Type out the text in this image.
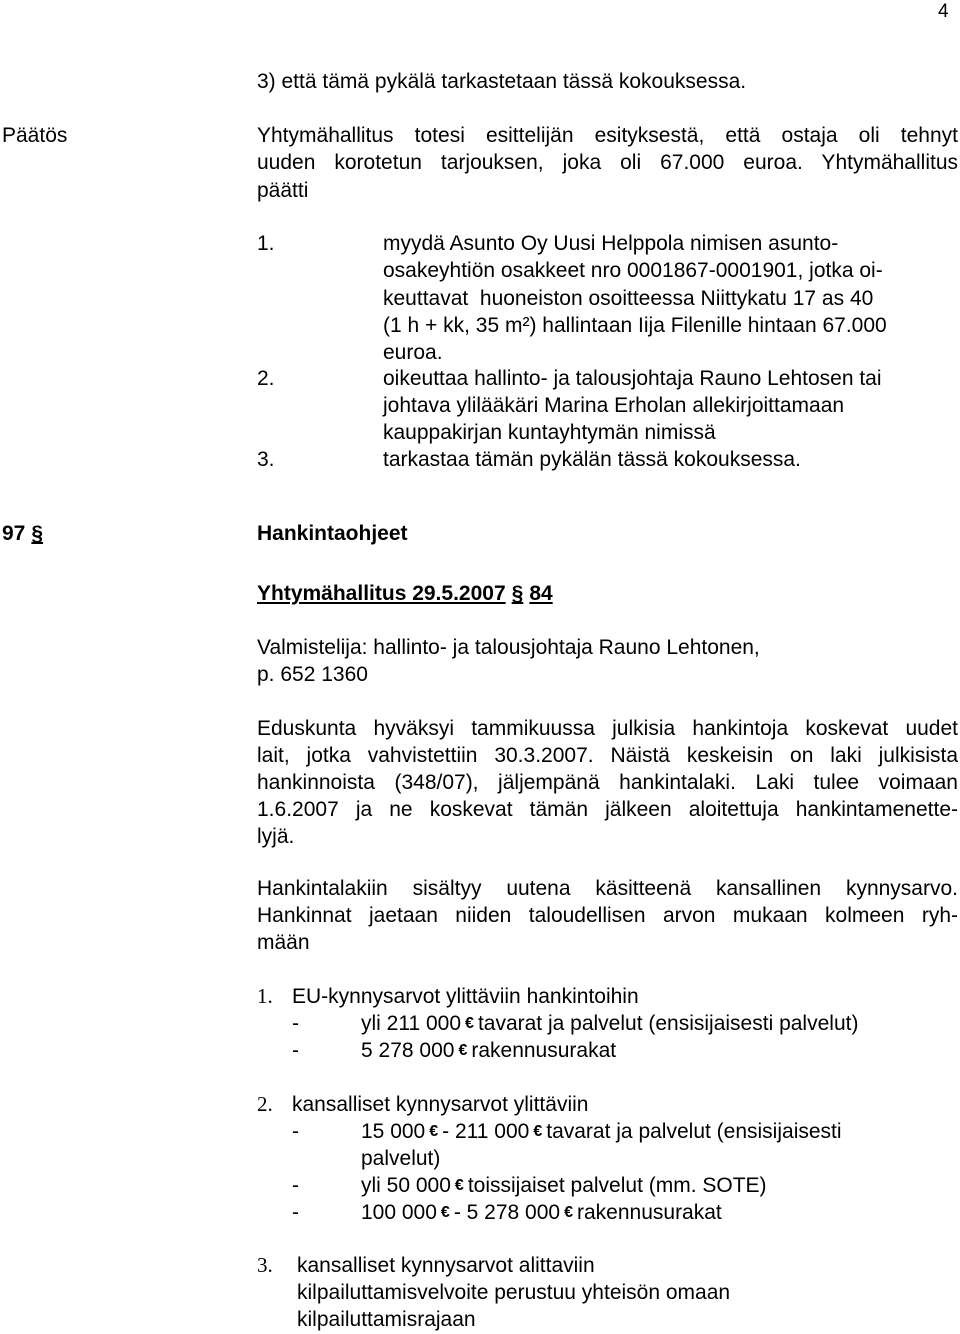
4
3) että tämä pykälä tarkastetaan tässä kokouksessa.
Päätös	Yhtymähallitus totesi esittelijän esityksestä, että ostaja oli tehnyt
uuden korotetun tarjouksen, joka oli 67.000 euroa. Yhtymähallitus
päätti
1.	myydä Asunto Oy Uusi Helppola nimisen asunto-
osakeyhtiön osakkeet nro 0001867-0001901, jotka oi-
keuttavat  huoneiston osoitteessa Niittykatu 17 as 40
(1 h + kk, 35 m²) hallintaan Iija Filenille hintaan 67.000
euroa.
2.	oikeuttaa hallinto- ja talousjohtaja Rauno Lehtosen tai
johtava ylilääkäri Marina Erholan allekirjoittamaan
kauppakirjan kuntayhtymän nimissä
3.	tarkastaa tämän pykälän tässä kokouksessa.
97 §	Hankintaohjeet
Yhtymähallitus 29.5.2007 § 84
Valmistelija: hallinto- ja talousjohtaja Rauno Lehtonen,
p. 652 1360
Eduskunta hyväksyi tammikuussa julkisia hankintoja koskevat uudet
lait, jotka vahvistettiin 30.3.2007. Näistä keskeisin on laki julkisista
hankinnoista (348/07), jäljempänä hankintalaki. Laki tulee voimaan
1.6.2007 ja ne koskevat tämän jälkeen aloitettuja hankintamenette-
lyjä.
Hankintalakiin sisältyy uutena käsitteenä kansallinen kynnysarvo.
Hankinnat jaetaan niiden taloudellisen arvon mukaan kolmeen ryh-
mään
1. EU-kynnysarvot ylittäviin hankintoihin
-	yli 211 000 € tavarat ja palvelut (ensisijaisesti palvelut)
-	5 278 000 € rakennusurakat
2. kansalliset kynnysarvot ylittäviin
-	15 000 € - 211 000 € tavarat ja palvelut (ensisijaisesti
palvelut)
-	yli 50 000 € toissijaiset palvelut (mm. SOTE)
-	100 000 € - 5 278 000 € rakennusurakat
3. kansalliset kynnysarvot alittaviin
kilpailuttamisvelvoite perustuu yhteisön omaan
kilpailuttamisrajaan
